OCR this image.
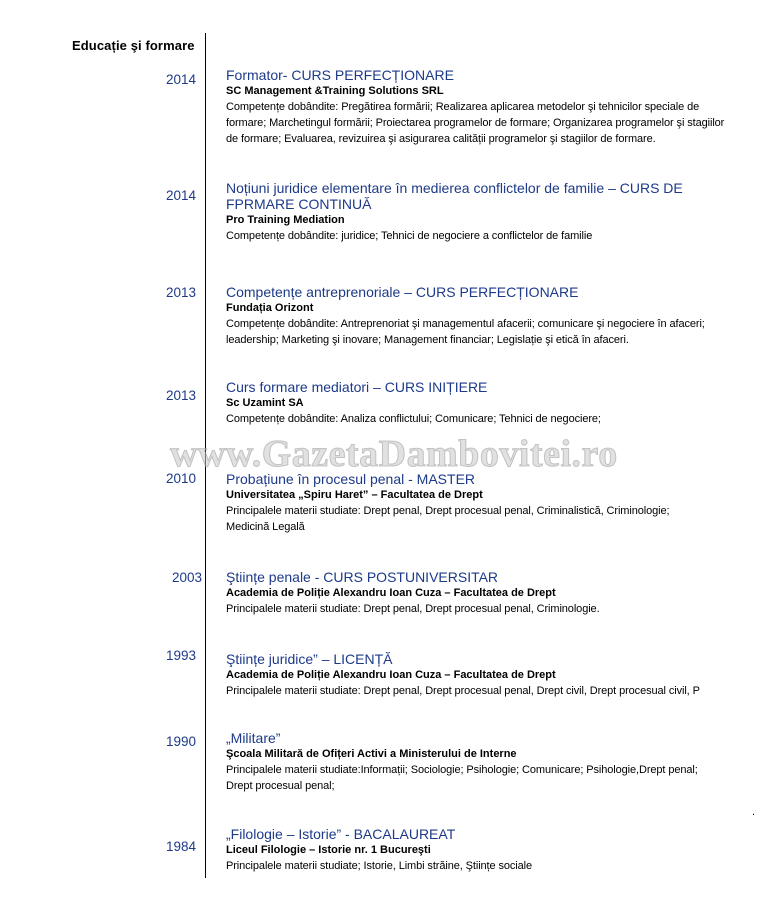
Educație şi formare
2014 Formator- CURS PERFECȚIONARE
SC Management &Training Solutions SRL
Competențe dobândite: Pregătirea formării; Realizarea aplicarea metodelor şi tehnicilor speciale de formare; Marchetingul formării; Proiectarea programelor de formare; Organizarea programelor şi stagiilor de formare; Evaluarea, revizuirea şi asigurarea calității programelor şi stagiilor de formare.
2014 Noțiuni juridice elementare în medierea conflictelor de familie – CURS DE FPRMARE CONTINUĂ
Pro Training Mediation
Competențe dobândite: juridice; Tehnici de negociere a conflictelor de familie
2013 Competențe antreprenoriale – CURS PERFECȚIONARE
Fundația Orizont
Competențe dobândite: Antreprenoriat şi managementul afacerii; comunicare şi negociere în afaceri; leadership; Marketing şi inovare; Management financiar; Legislație şi etică în afaceri.
2013
Curs formare mediatori – CURS INIȚIERE
Sc Uzamint SA
Competențe dobândite: Analiza conflictului; Comunicare; Tehnici de negociere;
2010 Probațiune în procesul penal - MASTER
Universitatea „Spiru Haret” – Facultatea de Drept
Principalele materii studiate: Drept penal, Drept procesual penal, Criminalistică, Criminologie; Medicină Legală
2003 Ştiințe penale - CURS POSTUNIVERSITAR
Academia de Poliție Alexandru Ioan Cuza – Facultatea de Drept
Principalele materii studiate: Drept penal, Drept procesual penal, Criminologie.
1993 Ştiințe juridice” – LICENȚĂ
Academia de Poliție Alexandru Ioan Cuza – Facultatea de Drept
Principalele materii studiate: Drept penal, Drept procesual penal, Drept civil, Drept procesual civil, P
1990 „Militare”
Şcoala Militară de Ofițeri Activi a Ministerului de Interne
Principalele materii studiate:Informații; Sociologie; Psihologie; Comunicare; Psihologie,Drept penal; Drept procesual penal;
1984
„Filologie – Istorie” - BACALAUREAT
Liceul Filologie – Istorie nr. 1 Bucureşti
Principalele materii studiate; Istorie, Limbi străine, Ştiințe sociale
www.GazetaDambovitei.ro
.
